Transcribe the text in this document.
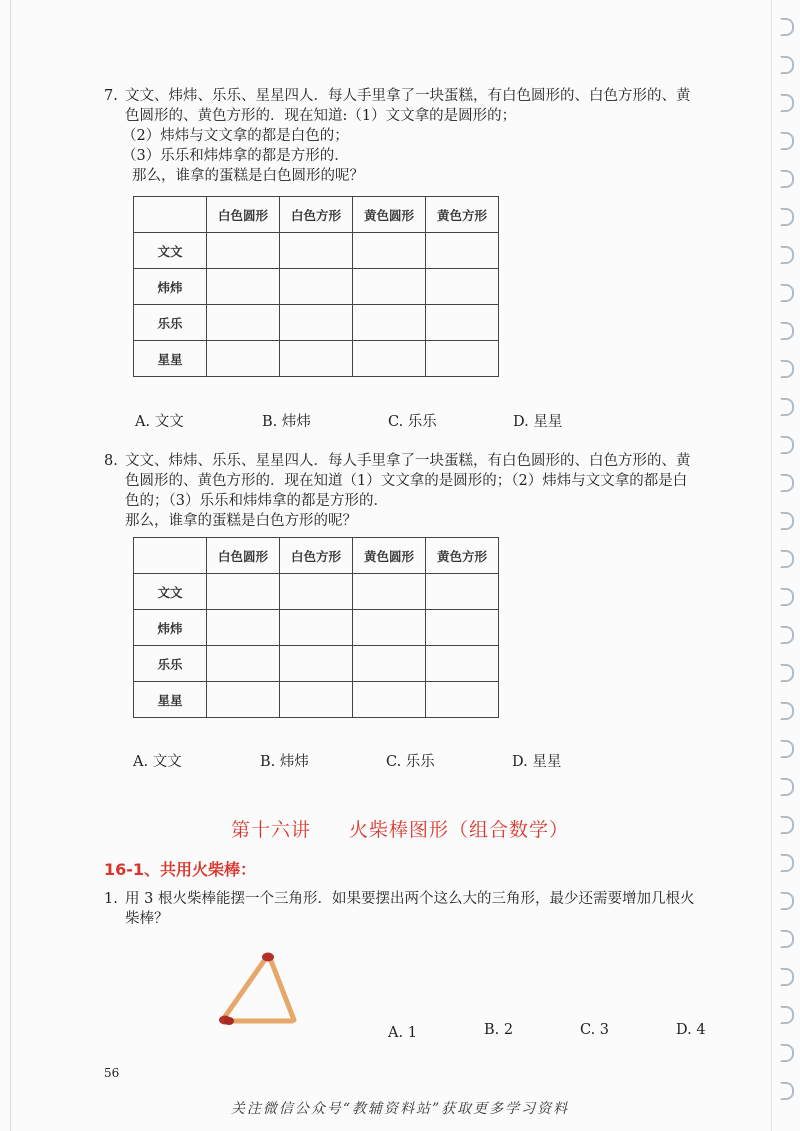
7. 文文、炜炜、乐乐、星星四人．每人手里拿了一块蛋糕，有白色圆形的、白色方形的、黄
色圆形的、黄色方形的．现在知道:（1）文文拿的是圆形的；
（2）炜炜与文文拿的都是白色的；
（3）乐乐和炜炜拿的都是方形的．
那么，谁拿的蛋糕是白色圆形的呢？
	白色圆形	白色方形	黄色圆形	黄色方形
文文				
炜炜				
乐乐				
星星				
A. 文文	B. 炜炜	C. 乐乐	D. 星星
8. 文文、炜炜、乐乐、星星四人．每人手里拿了一块蛋糕，有白色圆形的、白色方形的、黄
色圆形的、黄色方形的．现在知道（1）文文拿的是圆形的；（2）炜炜与文文拿的都是白
色的；（3）乐乐和炜炜拿的都是方形的．
那么，谁拿的蛋糕是白色方形的呢？
	白色圆形	白色方形	黄色圆形	黄色方形
文文				
炜炜				
乐乐				
星星				
A. 文文	B. 炜炜	C. 乐乐	D. 星星
第十六讲 火柴棒图形（组合数学）
16-1、共用火柴棒：
1. 用 3 根火柴棒能摆一个三角形．如果要摆出两个这么大的三角形，最少还需要增加几根火
柴棒？
A. 1	B. 2	C. 3	D. 4
56
关注微信公众号“教辅资料站”获取更多学习资料
